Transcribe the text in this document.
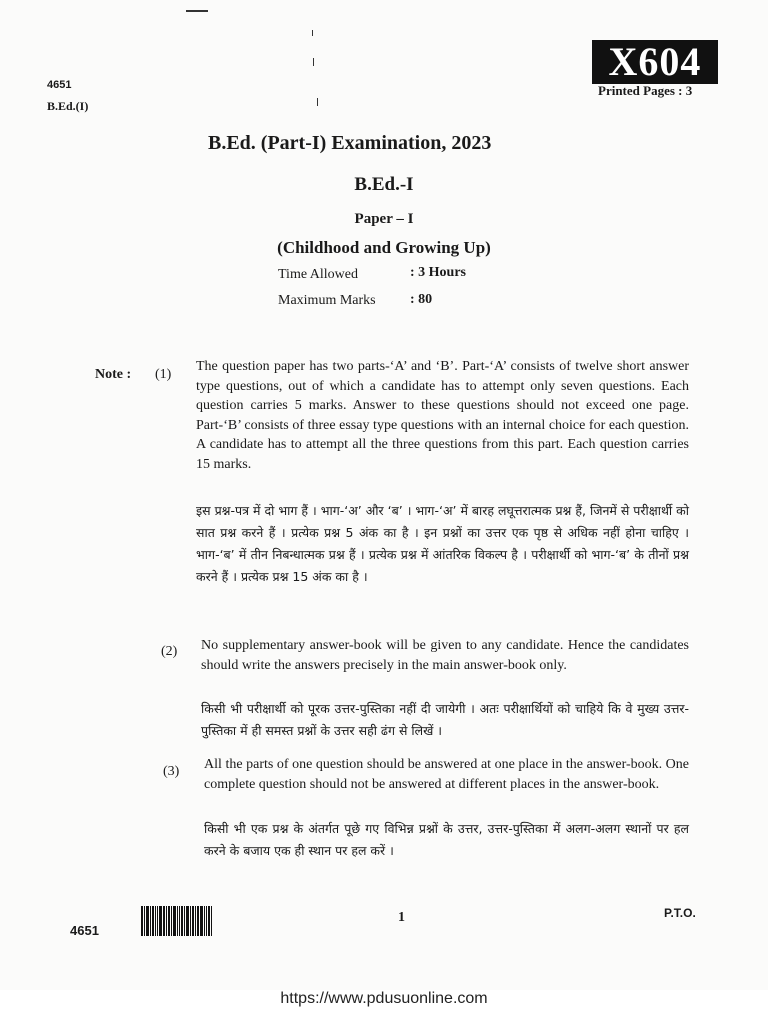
X604
Printed Pages : 3
4651
B.Ed.(I)
B.Ed. (Part-I) Examination, 2023
B.Ed.-I
Paper – I
(Childhood and Growing Up)
Time Allowed	: 3 Hours
Maximum Marks : 80
Note : (1)
The question paper has two parts-‘A’ and ‘B’. Part-‘A’ consists of twelve short answer type questions, out of which a candidate has to attempt only seven questions. Each question carries 5 marks. Answer to these questions should not exceed one page. Part-‘B’ consists of three essay type questions with an internal choice for each question. A candidate has to attempt all the three questions from this part. Each question carries 15 marks.
इस प्रश्न-पत्र में दो भाग हैं । भाग-‘अ’ और ‘ब’ । भाग-‘अ’ में बारह लघूत्तरात्मक प्रश्न हैं, जिनमें से परीक्षार्थी को सात प्रश्न करने हैं । प्रत्येक प्रश्न 5 अंक का है । इन प्रश्नों का उत्तर एक पृष्ठ से अधिक नहीं होना चाहिए । भाग-‘ब’ में तीन निबन्धात्मक प्रश्न हैं । प्रत्येक प्रश्न में आंतरिक विकल्प है । परीक्षार्थी को भाग-‘ब’ के तीनों प्रश्न करने हैं । प्रत्येक प्रश्न 15 अंक का है ।
(2) No supplementary answer-book will be given to any candidate. Hence the candidates should write the answers precisely in the main answer-book only.
किसी भी परीक्षार्थी को पूरक उत्तर-पुस्तिका नहीं दी जायेगी । अतः परीक्षार्थियों को चाहिये कि वे मुख्य उत्तर-पुस्तिका में ही समस्त प्रश्नों के उत्तर सही ढंग से लिखें ।
(3) All the parts of one question should be answered at one place in the answer-book. One complete question should not be answered at different places in the answer-book.
किसी भी एक प्रश्न के अंतर्गत पूछे गए विभिन्न प्रश्नों के उत्तर, उत्तर-पुस्तिका में अलग-अलग स्थानों पर हल करने के बजाय एक ही स्थान पर हल करें ।
4651
1	P.T.O.
https://www.pdusuonline.com
